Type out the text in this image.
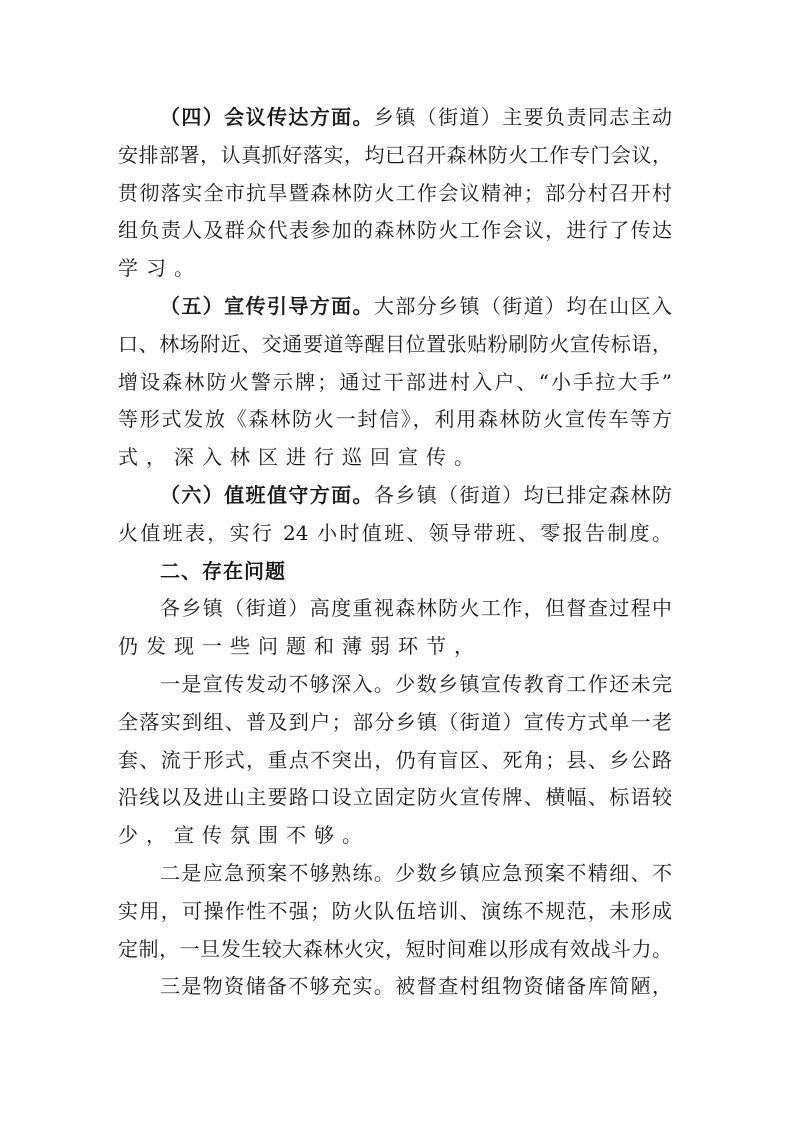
（四）会议传达方面。乡镇（街道）主要负责同志主动
安排部署，认真抓好落实，均已召开森林防火工作专门会议，
贯彻落实全市抗旱暨森林防火工作会议精神；部分村召开村
组负责人及群众代表参加的森林防火工作会议，进行了传达
学习。
（五）宣传引导方面。大部分乡镇（街道）均在山区入
口、林场附近、交通要道等醒目位置张贴粉刷防火宣传标语，
增设森林防火警示牌；通过干部进村入户、“小手拉大手”
等形式发放《森林防火一封信》，利用森林防火宣传车等方
式，深入林区进行巡回宣传。
（六）值班值守方面。各乡镇（街道）均已排定森林防
火值班表，实行 24 小时值班、领导带班、零报告制度。
二、存在问题
各乡镇（街道）高度重视森林防火工作，但督查过程中
仍发现一些问题和薄弱环节，
一是宣传发动不够深入。少数乡镇宣传教育工作还未完
全落实到组、普及到户；部分乡镇（街道）宣传方式单一老
套、流于形式，重点不突出，仍有盲区、死角；县、乡公路
沿线以及进山主要路口设立固定防火宣传牌、横幅、标语较
少，宣传氛围不够。
二是应急预案不够熟练。少数乡镇应急预案不精细、不
实用，可操作性不强；防火队伍培训、演练不规范，未形成
定制，一旦发生较大森林火灾，短时间难以形成有效战斗力。
三是物资储备不够充实。被督查村组物资储备库简陋，
